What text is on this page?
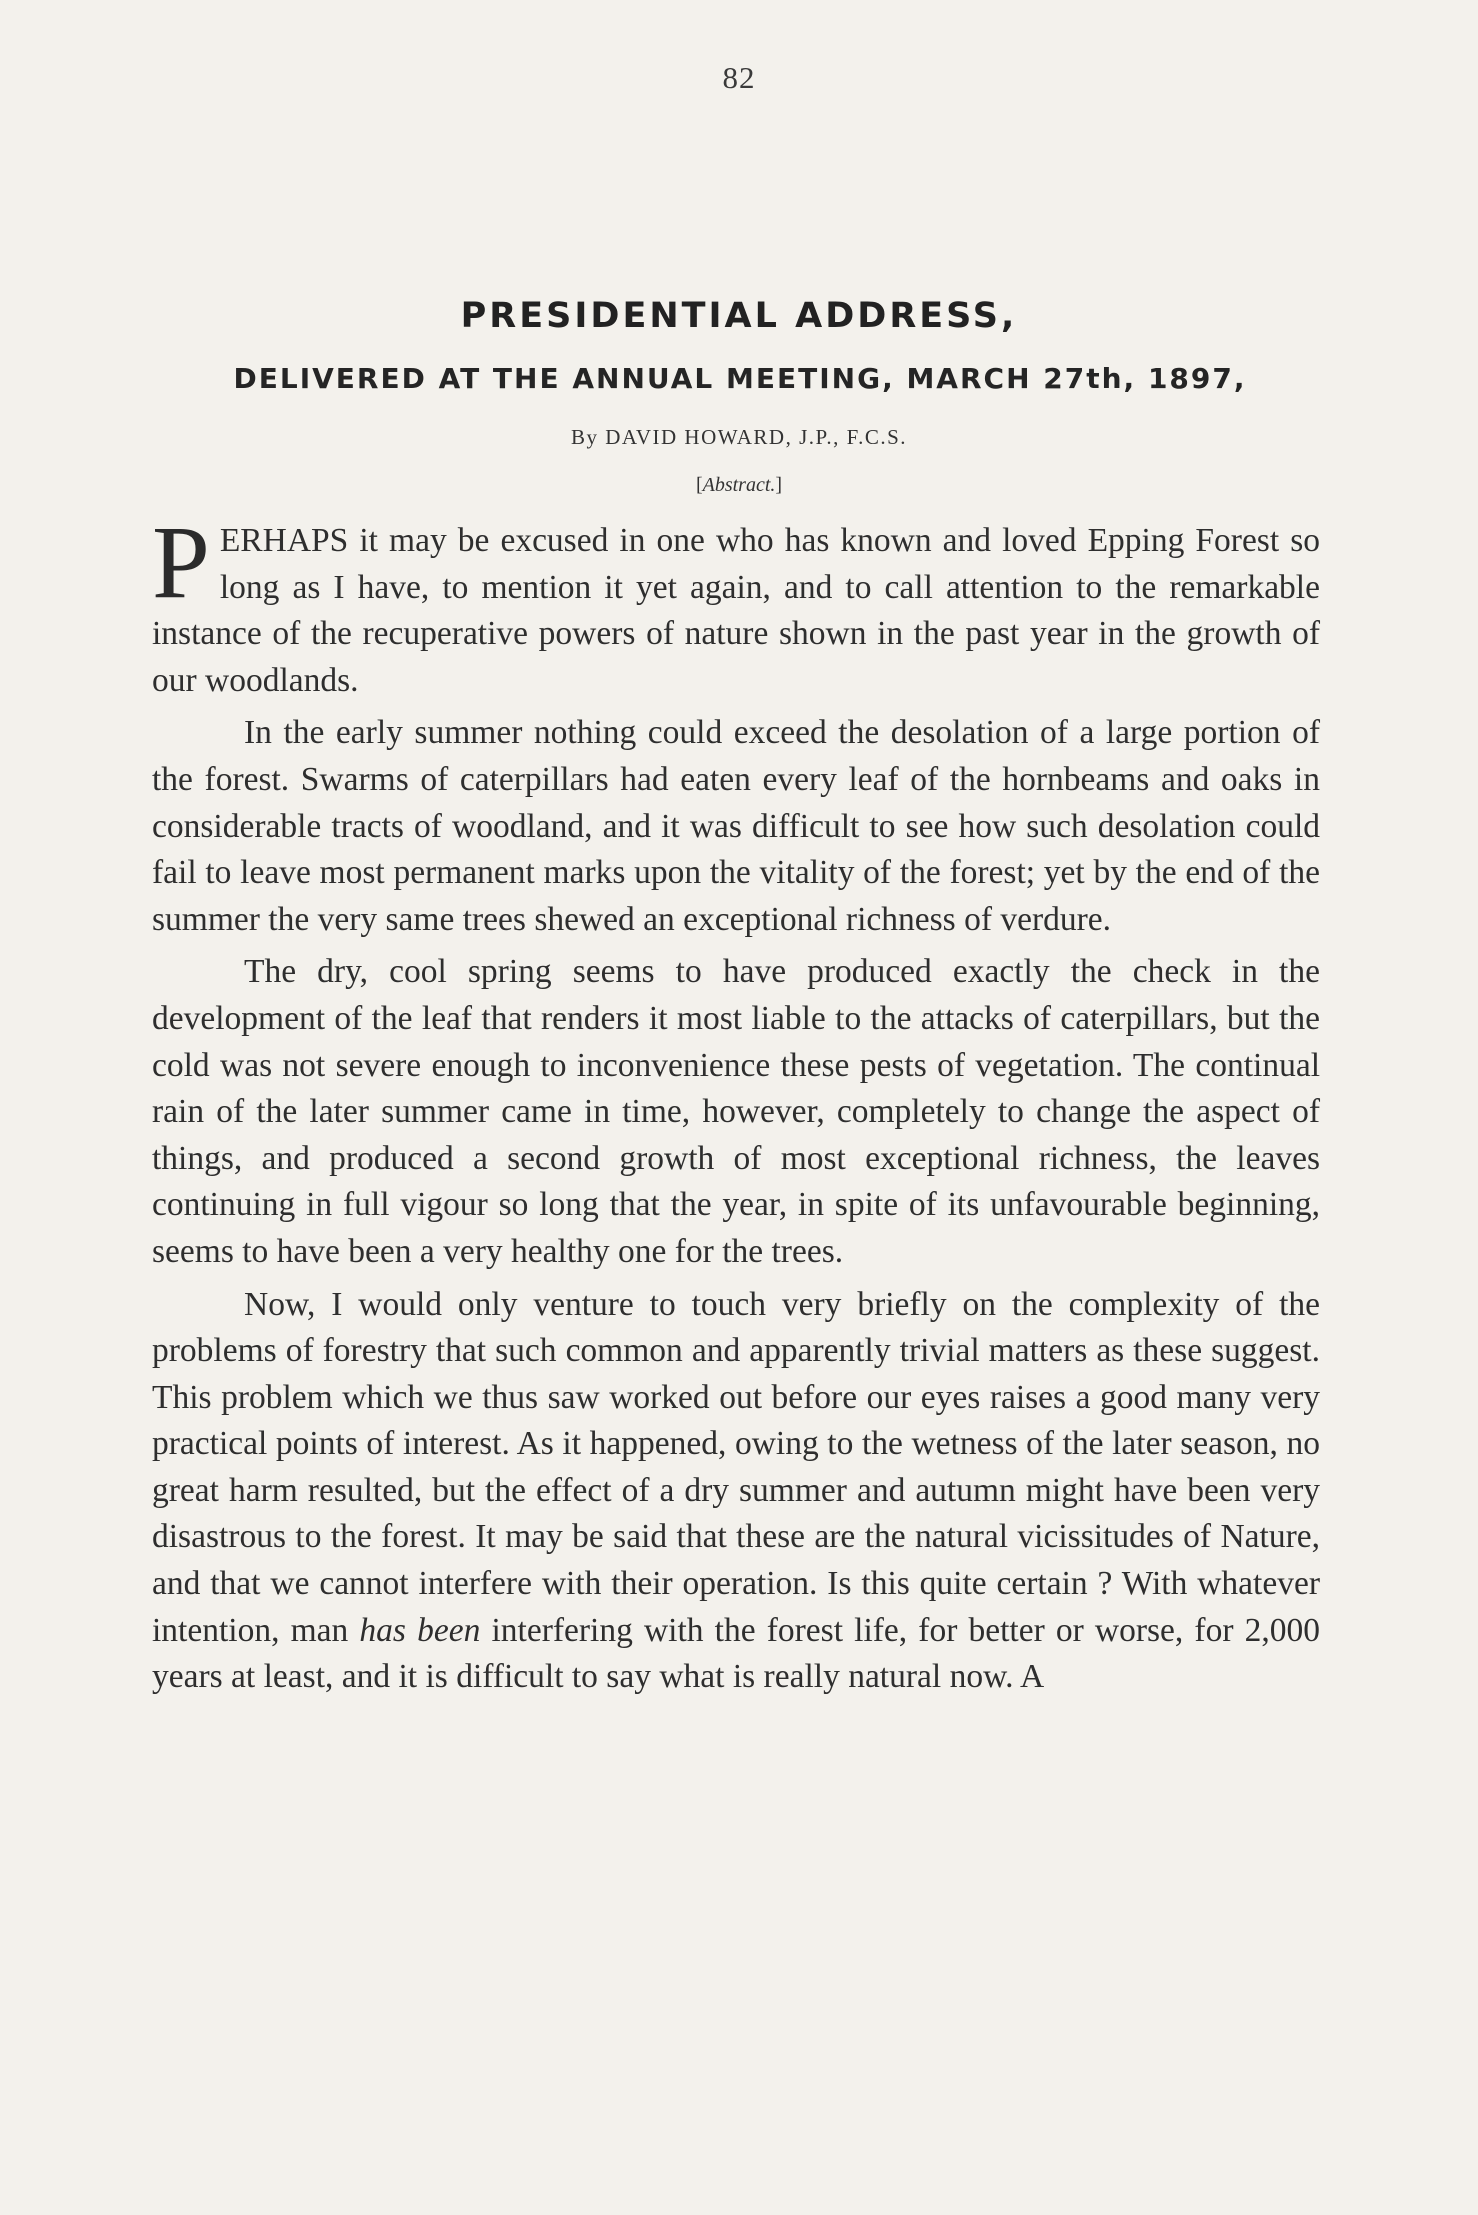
82
PRESIDENTIAL ADDRESS,
DELIVERED AT THE ANNUAL MEETING, MARCH 27th, 1897,
By DAVID HOWARD, J.P., F.C.S.
[Abstract.]

PERHAPS it may be excused in one who has known and loved Epping Forest so long as I have, to mention it yet again, and to call attention to the remarkable instance of the recuperative powers of nature shown in the past year in the growth of our woodlands.

In the early summer nothing could exceed the desolation of a large portion of the forest. Swarms of caterpillars had eaten every leaf of the hornbeams and oaks in considerable tracts of woodland, and it was difficult to see how such desolation could fail to leave most permanent marks upon the vitality of the forest; yet by the end of the summer the very same trees shewed an exceptional richness of verdure.

The dry, cool spring seems to have produced exactly the check in the development of the leaf that renders it most liable to the attacks of caterpillars, but the cold was not severe enough to inconvenience these pests of vegetation. The continual rain of the later summer came in time, however, completely to change the aspect of things, and produced a second growth of most exceptional richness, the leaves continuing in full vigour so long that the year, in spite of its unfavourable beginning, seems to have been a very healthy one for the trees.

Now, I would only venture to touch very briefly on the complexity of the problems of forestry that such common and apparently trivial matters as these suggest. This problem which we thus saw worked out before our eyes raises a good many very practical points of interest. As it happened, owing to the wetness of the later season, no great harm resulted, but the effect of a dry summer and autumn might have been very disastrous to the forest. It may be said that these are the natural vicissitudes of Nature, and that we cannot interfere with their operation. Is this quite certain ? With whatever intention, man has been interfering with the forest life, for better or worse, for 2,000 years at least, and it is difficult to say what is really natural now. A
